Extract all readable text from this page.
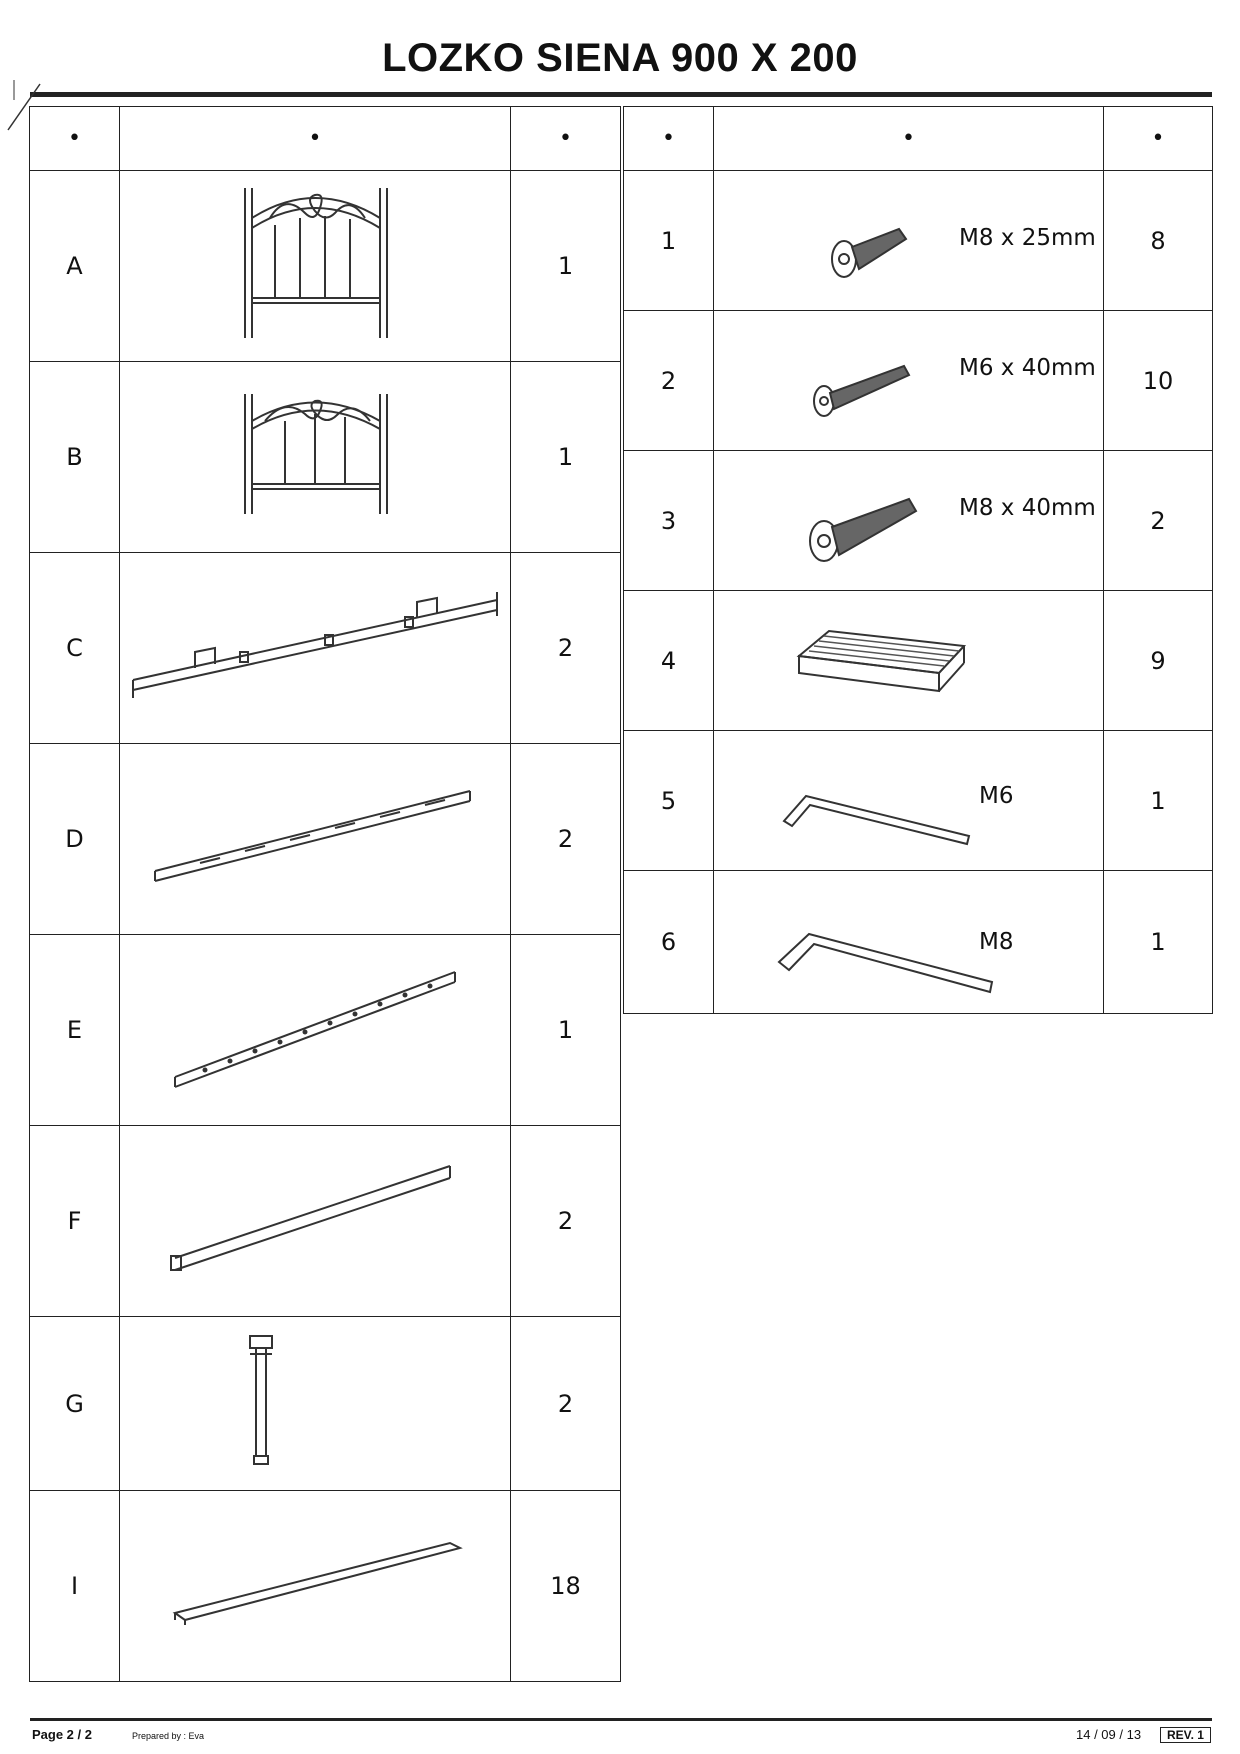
LOZKO SIENA 900 X 200
•	•	•
A		1
B		1
C		2
D		2
E		1
F		2
G		2
I		18
•	•	•
1	M8 x 25mm	8
2	M6 x 40mm	10
3	M8 x 40mm	2
4		9
5	M6	1
6	M8	1
Page 2 / 2	Prepared by : Eva	14 / 09 / 13	REV. 1
